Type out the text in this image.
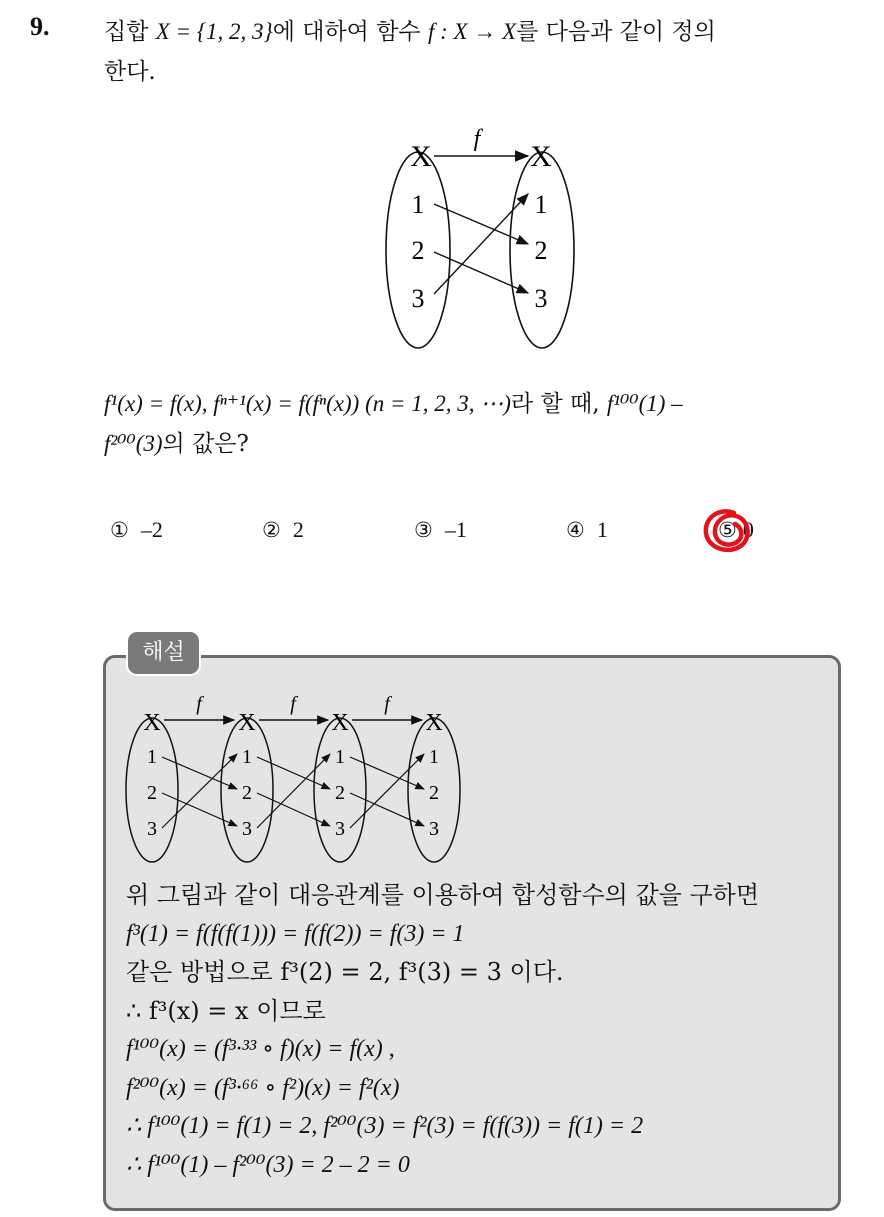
9. 집합 X = {1, 2, 3}에 대하여 함수 f : X → X를 다음과 같이 정의
한다.
f
X	X
1
2
3
1
2
3
f¹(x) = f(x), fⁿ⁺¹(x) = f(fⁿ(x)) (n = 1, 2, 3, ⋯)라 할 때, f¹⁰⁰(1) –
f²⁰⁰(3)의 값은?
① –2	② 2	③ –1	④ 1	⑤ 0
해설
X	X	X	X
f	f	f
1
2
3
1
2
3
1
2
3
1
2
3
위 그림과 같이 대응관계를 이용하여 합성함수의 값을 구하면
f³(1) = f(f(f(1))) = f(f(2)) = f(3) = 1
같은 방법으로 f³(2) = 2, f³(3) = 3 이다.
∴ f³(x) = x 이므로
f¹⁰⁰(x) = (f³·³³ ∘ f)(x) = f(x) ,
f²⁰⁰(x) = (f³·⁶⁶ ∘ f²)(x) = f²(x)
∴ f¹⁰⁰(1) = f(1) = 2, f²⁰⁰(3) = f²(3) = f(f(3)) = f(1) = 2
∴ f¹⁰⁰(1) – f²⁰⁰(3) = 2 – 2 = 0
